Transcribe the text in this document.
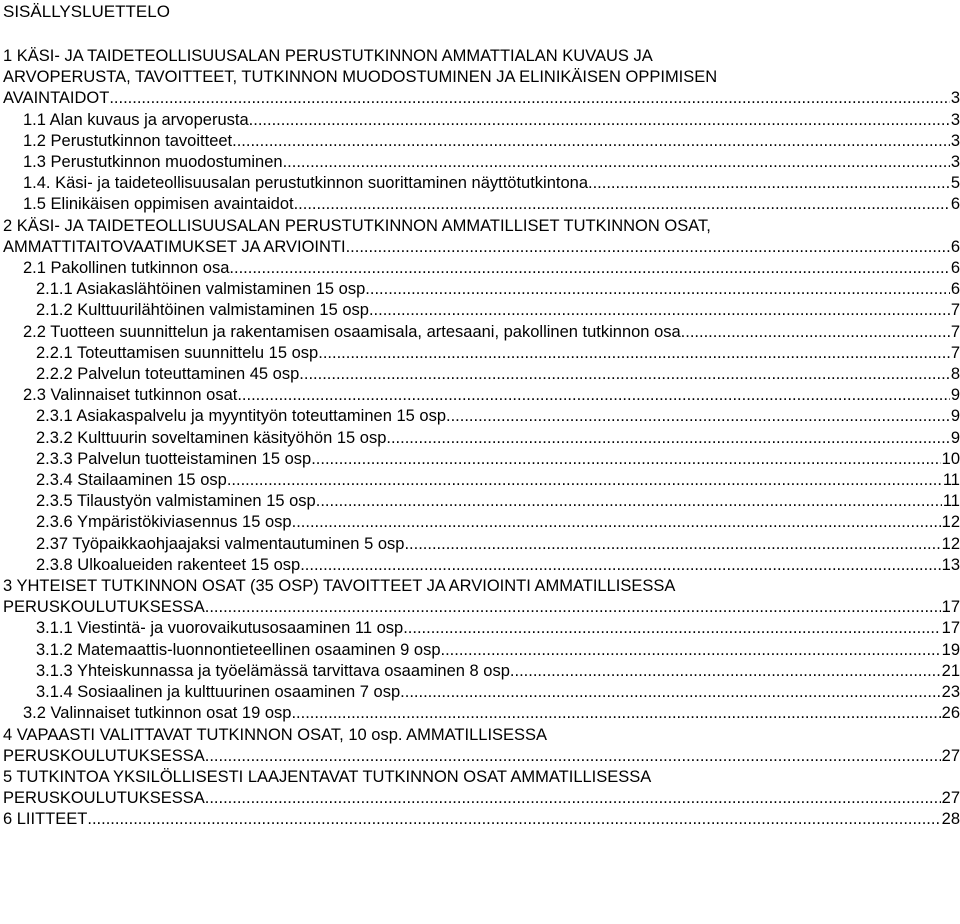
SISÄLLYSLUETTELO
1 KÄSI- JA TAIDETEOLLISUUSALAN PERUSTUTKINNON AMMATTIALAN KUVAUS JA
ARVOPERUSTA, TAVOITTEET, TUTKINNON MUODOSTUMINEN JA ELINIKÄISEN OPPIMISEN
AVAINTAIDOT .....	3
1.1 Alan kuvaus ja arvoperusta .....	3
1.2 Perustutkinnon tavoitteet .....	3
1.3 Perustutkinnon muodostuminen .....	3
1.4. Käsi- ja taideteollisuusalan perustutkinnon suorittaminen näyttötutkintona .....	5
1.5 Elinikäisen oppimisen avaintaidot .....	6
2 KÄSI- JA TAIDETEOLLISUUSALAN PERUSTUTKINNON AMMATILLISET TUTKINNON OSAT,
AMMATTITAITOVAATIMUKSET JA ARVIOINTI .....	6
2.1 Pakollinen tutkinnon osa .....	6
2.1.1 Asiakaslähtöinen valmistaminen 15 osp .....	6
2.1.2 Kulttuurilähtöinen valmistaminen 15 osp .....	7
2.2 Tuotteen suunnittelun ja rakentamisen osaamisala, artesaani, pakollinen tutkinnon osa .....	7
2.2.1 Toteuttamisen suunnittelu 15 osp .....	7
2.2.2 Palvelun toteuttaminen 45 osp .....	8
2.3 Valinnaiset tutkinnon osat .....	9
2.3.1 Asiakaspalvelu ja myyntityön toteuttaminen 15 osp .....	9
2.3.2 Kulttuurin soveltaminen käsityöhön 15 osp .....	9
2.3.3 Palvelun tuotteistaminen 15 osp .....	10
2.3.4 Stailaaminen 15 osp .....	11
2.3.5 Tilaustyön valmistaminen 15 osp .....	11
2.3.6 Ympäristökiviasennus 15 osp .....	12
2.37 Työpaikkaohjaajaksi valmentautuminen 5 osp .....	12
2.3.8 Ulkoalueiden rakenteet 15 osp .....	13
3 YHTEISET TUTKINNON OSAT (35 OSP) TAVOITTEET JA ARVIOINTI AMMATILLISESSA
PERUSKOULUTUKSESSA .....	17
3.1.1 Viestintä- ja vuorovaikutusosaaminen 11 osp .....	17
3.1.2 Matemaattis-luonnontieteellinen osaaminen 9 osp .....	19
3.1.3 Yhteiskunnassa ja työelämässä tarvittava osaaminen 8 osp .....	21
3.1.4 Sosiaalinen ja kulttuurinen osaaminen 7 osp .....	23
3.2 Valinnaiset tutkinnon osat 19 osp .....	26
4 VAPAASTI VALITTAVAT TUTKINNON OSAT, 10 osp. AMMATILLISESSA
PERUSKOULUTUKSESSA .....	27
5 TUTKINTOA YKSILÖLLISESTI LAAJENTAVAT TUTKINNON OSAT AMMATILLISESSA
PERUSKOULUTUKSESSA .....	27
6 LIITTEET .....	28
